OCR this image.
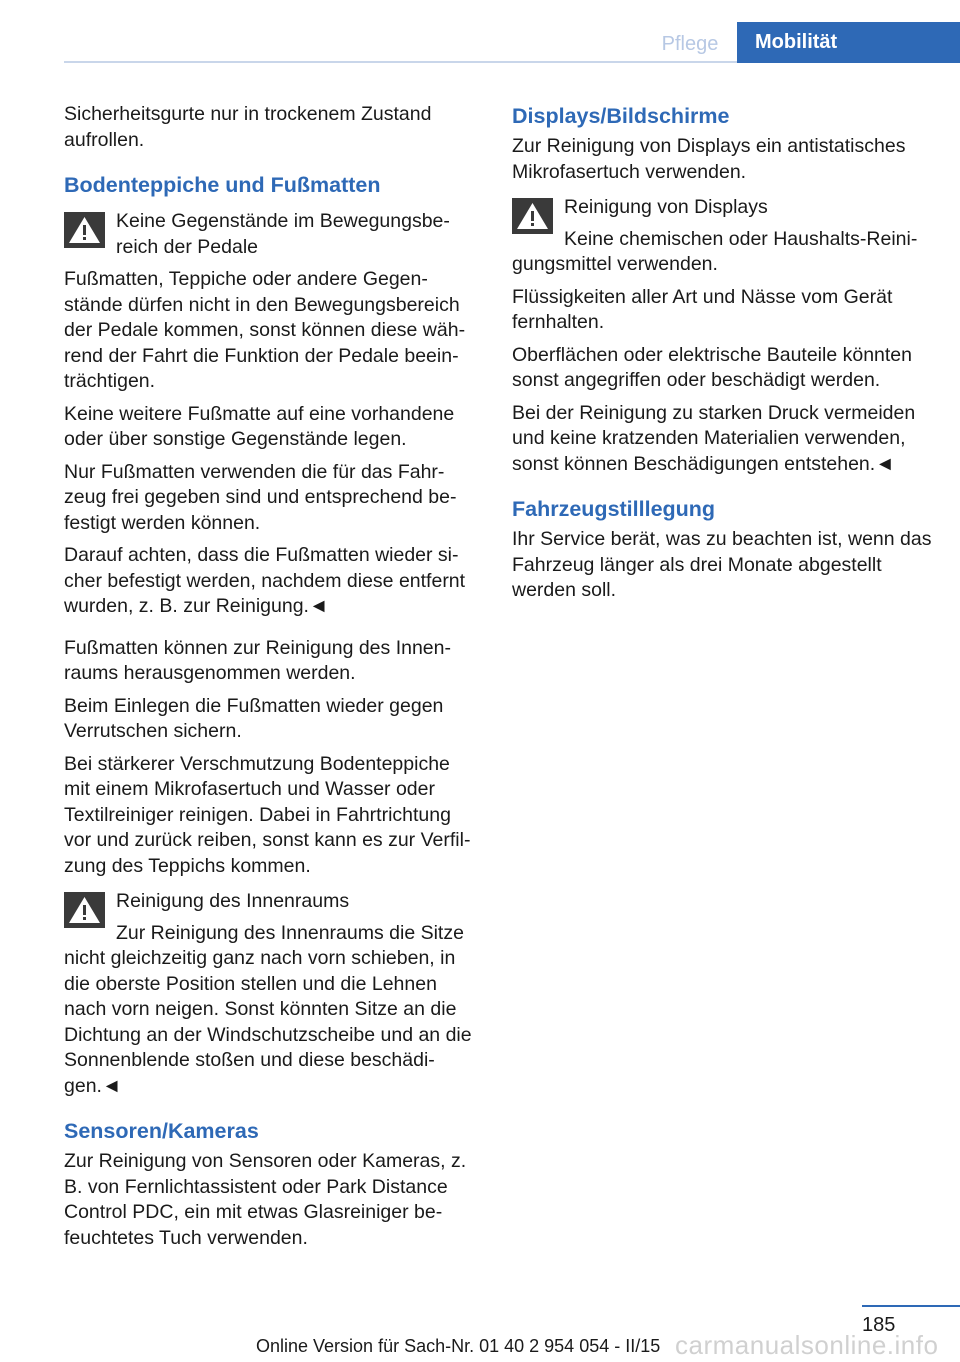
Pflege	Mobilität

Sicherheitsgurte nur in trockenem Zustand aufrollen.

Bodenteppiche und Fußmatten

Keine Gegenstände im Bewegungsbe-

reich der Pedale

Fußmatten, Teppiche oder andere Gegen-stände dürfen nicht in den Bewegungsbereich der Pedale kommen, sonst können diese wäh-rend der Fahrt die Funktion der Pedale beein-trächtigen.

Keine weitere Fußmatte auf eine vorhandene oder über sonstige Gegenstände legen.

Nur Fußmatten verwenden die für das Fahr-zeug frei gegeben sind und entsprechend be-festigt werden können.

Darauf achten, dass die Fußmatten wieder si-cher befestigt werden, nachdem diese entfernt wurden, z. B. zur Reinigung.◄

Fußmatten können zur Reinigung des Innen-raums herausgenommen werden.

Beim Einlegen die Fußmatten wieder gegen Verrutschen sichern.

Bei stärkerer Verschmutzung Bodenteppiche mit einem Mikrofasertuch und Wasser oder Textilreiniger reinigen. Dabei in Fahrtrichtung vor und zurück reiben, sonst kann es zur Verfil-zung des Teppichs kommen.

Reinigung des Innenraums

Zur Reinigung des Innenraums die Sitze

nicht gleichzeitig ganz nach vorn schieben, in die oberste Position stellen und die Lehnen nach vorn neigen. Sonst könnten Sitze an die Dichtung an der Windschutzscheibe und an die Sonnenblende stoßen und diese beschädi-gen.◄

Sensoren/Kameras

Zur Reinigung von Sensoren oder Kameras, z. B. von Fernlichtassistent oder Park Distance Control PDC, ein mit etwas Glasreiniger be-feuchtetes Tuch verwenden.

Displays/Bildschirme

Zur Reinigung von Displays ein antistatisches Mikrofasertuch verwenden.

Reinigung von Displays

Keine chemischen oder Haushalts-Reini-

gungsmittel verwenden.

Flüssigkeiten aller Art und Nässe vom Gerät fernhalten.

Oberflächen oder elektrische Bauteile könnten sonst angegriffen oder beschädigt werden.

Bei der Reinigung zu starken Druck vermeiden und keine kratzenden Materialien verwenden, sonst können Beschädigungen entstehen.◄

Fahrzeugstilllegung

Ihr Service berät, was zu beachten ist, wenn das Fahrzeug länger als drei Monate abgestellt werden soll.

185
Online Version für Sach-Nr. 01 40 2 954 054 - II/15 carmanualsonline.info
